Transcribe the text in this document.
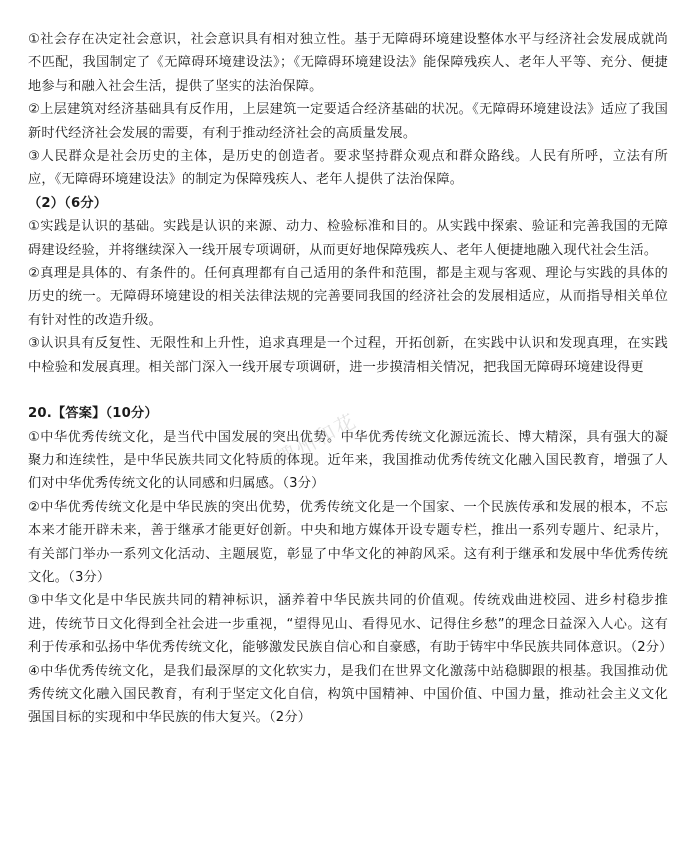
①社会存在决定社会意识，社会意识具有相对独立性。基于无障碍环境建设整体水平与经济社会发展成就尚不匹配，我国制定了《无障碍环境建设法》；《无障碍环境建设法》能保障残疾人、老年人平等、充分、便捷地参与和融入社会生活，提供了坚实的法治保障。

②上层建筑对经济基础具有反作用，上层建筑一定要适合经济基础的状况。《无障碍环境建设法》适应了我国新时代经济社会发展的需要，有利于推动经济社会的高质量发展。

③人民群众是社会历史的主体，是历史的创造者。要求坚持群众观点和群众路线。人民有所呼，立法有所应，《无障碍环境建设法》的制定为保障残疾人、老年人提供了法治保障。

（2）（6分）

①实践是认识的基础。实践是认识的来源、动力、检验标准和目的。从实践中探索、验证和完善我国的无障碍建设经验，并将继续深入一线开展专项调研，从而更好地保障残疾人、老年人便捷地融入现代社会生活。

②真理是具体的、有条件的。任何真理都有自己适用的条件和范围，都是主观与客观、理论与实践的具体的历史的统一。无障碍环境建设的相关法律法规的完善要同我国的经济社会的发展相适应，从而指导相关单位有针对性的改造升级。

③认识具有反复性、无限性和上升性，追求真理是一个过程，开拓创新，在实践中认识和发现真理，在实践中检验和发展真理。相关部门深入一线开展专项调研，进一步摸清相关情况，把我国无障碍环境建设得更

20.【答案】（10分）

①中华优秀传统文化，是当代中国发展的突出优势。中华优秀传统文化源远流长、博大精深，具有强大的凝聚力和连续性，是中华民族共同文化特质的体现。近年来，我国推动优秀传统文化融入国民教育，增强了人们对中华优秀传统文化的认同感和归属感。（3分）

②中华优秀传统文化是中华民族的突出优势，优秀传统文化是一个国家、一个民族传承和发展的根本，不忘本来才能开辟未来，善于继承才能更好创新。中央和地方媒体开设专题专栏，推出一系列专题片、纪录片，有关部门举办一系列文化活动、主题展览，彰显了中华文化的神韵风采。这有利于继承和发展中华优秀传统文化。（3分）

③中华文化是中华民族共同的精神标识，涵养着中华民族共同的价值观。传统戏曲进校园、进乡村稳步推进，传统节日文化得到全社会进一步重视，“望得见山、看得见水、记得住乡愁”的理念日益深入人心。这有利于传承和弘扬中华优秀传统文化，能够激发民族自信心和自豪感，有助于铸牢中华民族共同体意识。（2分）

④中华优秀传统文化，是我们最深厚的文化软实力，是我们在世界文化激荡中站稳脚跟的根基。我国推动优秀传统文化融入国民教育，有利于坚定文化自信，构筑中国精神、中国价值、中国力量，推动社会主义文化强国目标的实现和中华民族的伟大复兴。（2分）

趣州和花
